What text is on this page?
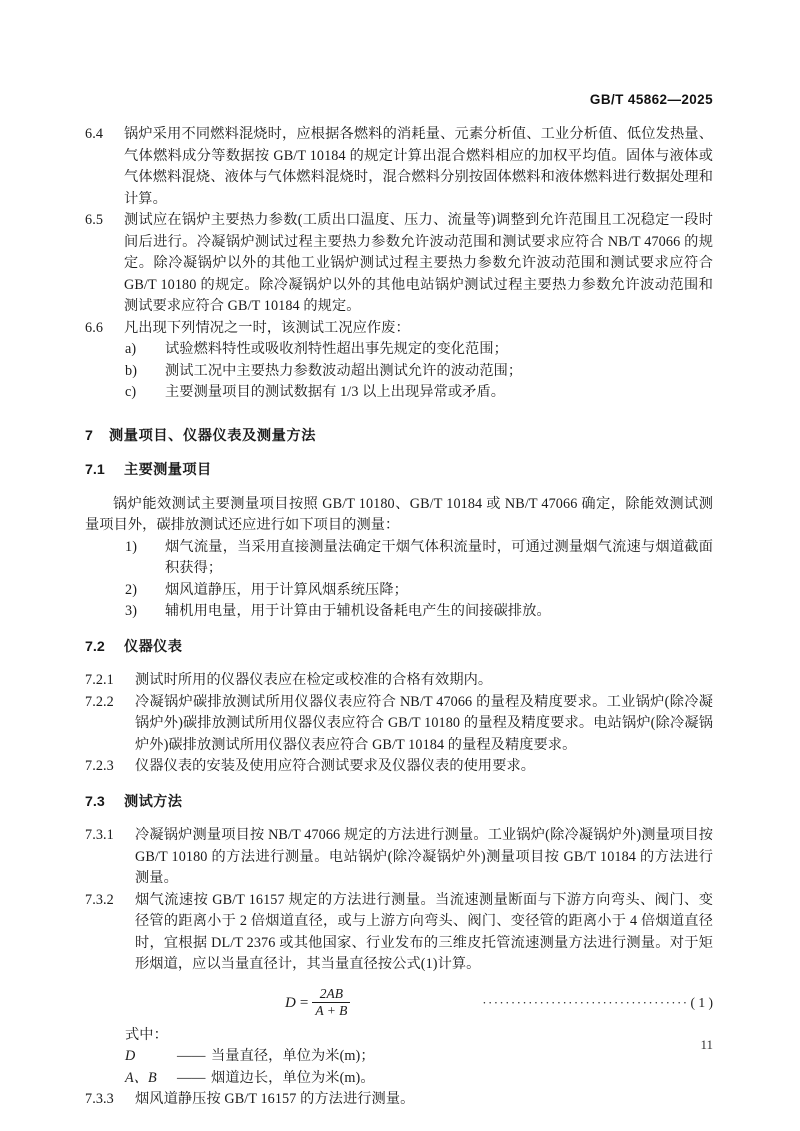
GB/T 45862—2025
6.4	锅炉采用不同燃料混烧时，应根据各燃料的消耗量、元素分析值、工业分析值、低位发热量、气体燃料成分等数据按 GB/T 10184 的规定计算出混合燃料相应的加权平均值。固体与液体或气体燃料混烧、液体与气体燃料混烧时，混合燃料分别按固体燃料和液体燃料进行数据处理和计算。
6.5	测试应在锅炉主要热力参数(工质出口温度、压力、流量等)调整到允许范围且工况稳定一段时间后进行。冷凝锅炉测试过程主要热力参数允许波动范围和测试要求应符合 NB/T 47066 的规定。除冷凝锅炉以外的其他工业锅炉测试过程主要热力参数允许波动范围和测试要求应符合 GB/T 10180 的规定。除冷凝锅炉以外的其他电站锅炉测试过程主要热力参数允许波动范围和测试要求应符合 GB/T 10184 的规定。
6.6	凡出现下列情况之一时，该测试工况应作废：
a)	试验燃料特性或吸收剂特性超出事先规定的变化范围；
b)	测试工况中主要热力参数波动超出测试允许的波动范围；
c)	主要测量项目的测试数据有 1/3 以上出现异常或矛盾。
7 测量项目、仪器仪表及测量方法
7.1 主要测量项目

锅炉能效测试主要测量项目按照 GB/T 10180、GB/T 10184 或 NB/T 47066 确定，除能效测试测量项目外，碳排放测试还应进行如下项目的测量：

1)	烟气流量，当采用直接测量法确定干烟气体积流量时，可通过测量烟气流速与烟道截面积获得；
2)	烟风道静压，用于计算风烟系统压降；
3)	辅机用电量，用于计算由于辅机设备耗电产生的间接碳排放。
7.2 仪器仪表
7.2.1	测试时所用的仪器仪表应在检定或校准的合格有效期内。
7.2.2	冷凝锅炉碳排放测试所用仪器仪表应符合 NB/T 47066 的量程及精度要求。工业锅炉(除冷凝锅炉外)碳排放测试所用仪器仪表应符合 GB/T 10180 的量程及精度要求。电站锅炉(除冷凝锅炉外)碳排放测试所用仪器仪表应符合 GB/T 10184 的量程及精度要求。
7.2.3	仪器仪表的安装及使用应符合测试要求及仪器仪表的使用要求。
7.3 测试方法
7.3.1	冷凝锅炉测量项目按 NB/T 47066 规定的方法进行测量。工业锅炉(除冷凝锅炉外)测量项目按 GB/T 10180 的方法进行测量。电站锅炉(除冷凝锅炉外)测量项目按 GB/T 10184 的方法进行测量。
7.3.2	烟气流速按 GB/T 16157 规定的方法进行测量。当流速测量断面与下游方向弯头、阀门、变径管的距离小于 2 倍烟道直径，或与上游方向弯头、阀门、变径管的距离小于 4 倍烟道直径时，宜根据 DL/T 2376 或其他国家、行业发布的三维皮托管流速测量方法进行测量。对于矩形烟道，应以当量直径计，其当量直径按公式(1)计算。
$D = \frac{2AB}{A + B}$	···································· ( 1 )
式中：
D	—— 当量直径，单位为米(m)；
A、B	—— 烟道边长，单位为米(m)。
7.3.3	烟风道静压按 GB/T 16157 的方法进行测量。
11
